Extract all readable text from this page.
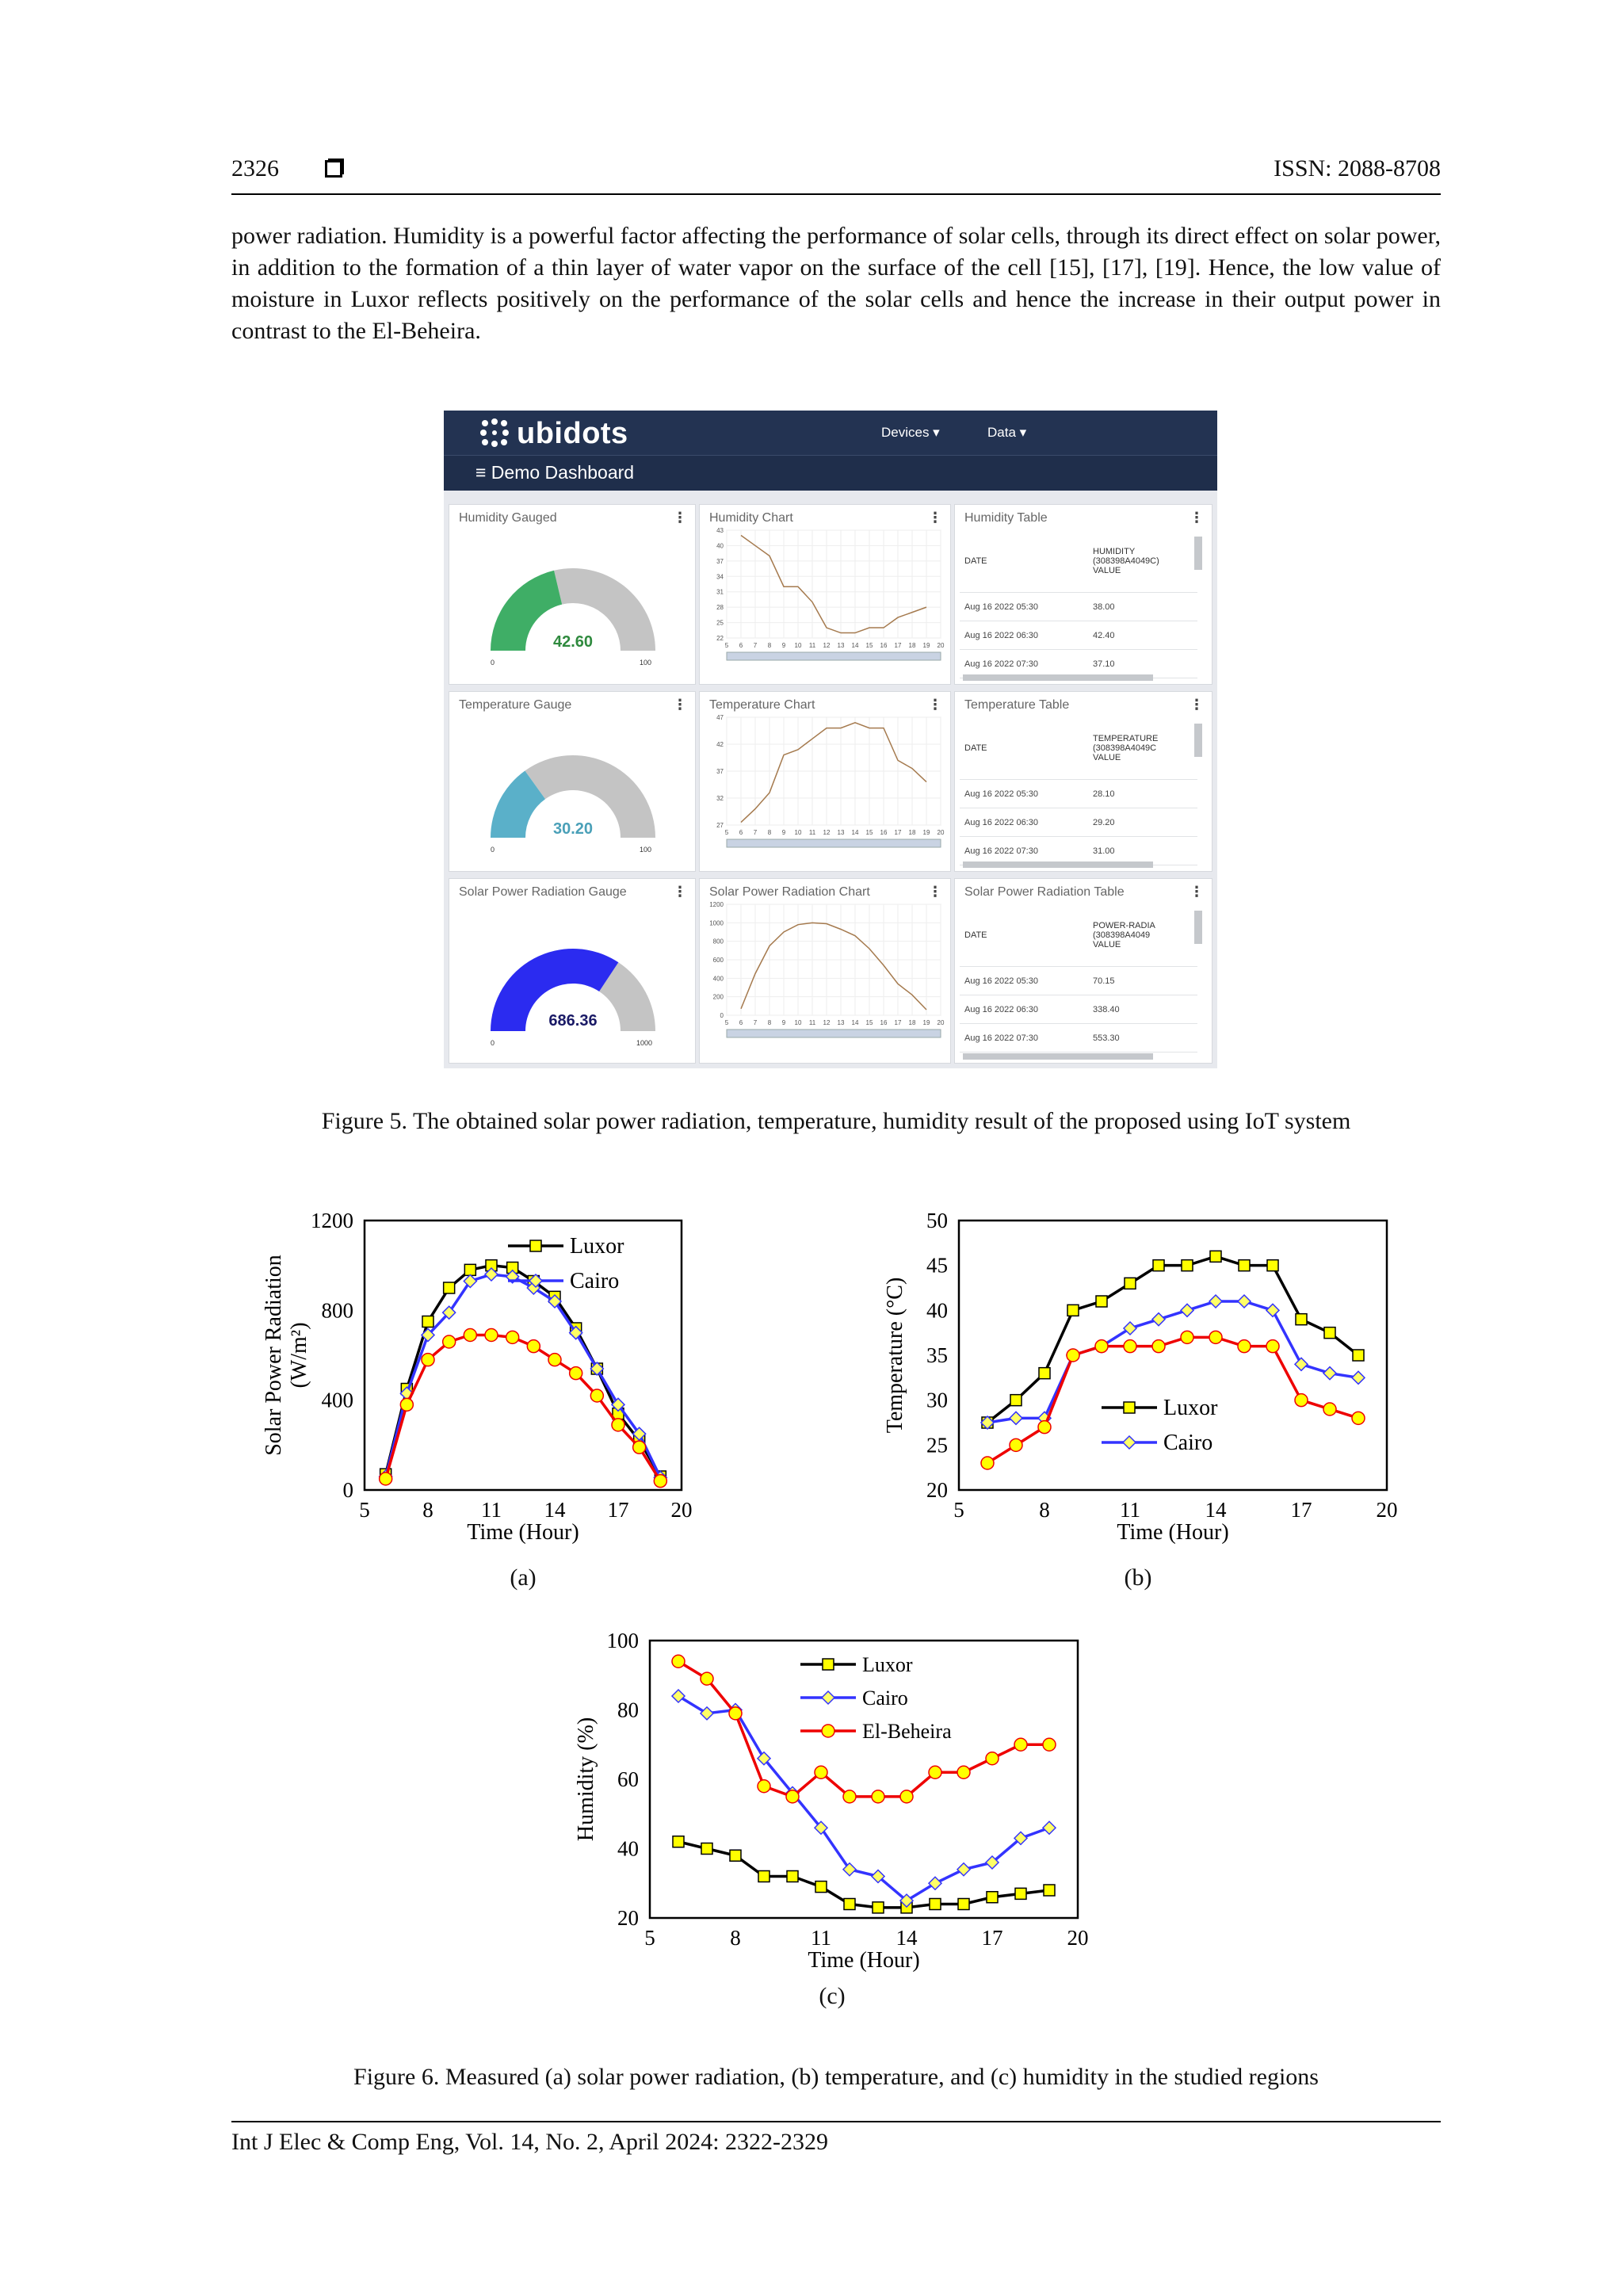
2326	ISSN: 2088-8708

power radiation. Humidity is a powerful factor affecting the performance of solar cells, through its direct effect on solar power, in addition to the formation of a thin layer of water vapor on the surface of the cell [15], [17], [19]. Hence, the low value of moisture in Luxor reflects positively on the performance of the solar cells and hence the increase in their output power in contrast to the El-Beheira.

ubidots	Devices ▾	Data ▾
≡ Demo Dashboard
Humidity Gauged	⋮
42.60
0	100
Humidity Chart	⋮
5 6 7 8 9 10 11 12 13 14 15 16 17 18 19 20
43
40
37
34
31
28
25
22
Humidity Table	⋮
DATE	HUMIDITY
(308398A4049C)
VALUE

Aug 16 2022 05:30	38.00
Aug 16 2022 06:30	42.40
Aug 16 2022 07:30	37.10
Temperature Gauge	⋮
30.20
0	100
Temperature Chart	⋮
5 6 7 8 9 10 11 12 13 14 15 16 17 18 19 20
47
42
37
32
27
Temperature Table	⋮
DATE	TEMPERATURE
(308398A4049C
VALUE

Aug 16 2022 05:30	28.10
Aug 16 2022 06:30	29.20
Aug 16 2022 07:30	31.00
Solar Power Radiation Gauge	⋮
686.36
0	1000
Solar Power Radiation Chart	⋮
5 6 7 8 9 10 11 12 13 14 15 16 17 18 19 20
1200
1000
800
600
400
200
0
Solar Power Radiation Table	⋮
DATE	POWER-RADIA
(308398A4049
VALUE

Aug 16 2022 05:30	70.15
Aug 16 2022 06:30	338.40
Aug 16 2022 07:30	553.30
Figure 5. The obtained solar power radiation, temperature, humidity result of the proposed using IoT system
5 8 11 14 17 20
0
400
800
1200
Time (Hour)
Solar Power Radiation (W/m²)
Luxor
Cairo
(a)
5	8	11	14	17	20
20
25
30
35
40
45
50
Time (Hour)
Temperature (°C)	Luxor
Cairo
(b)
5	8	11	14	17	20
20
40
60
80
100
Time (Hour)
Humidity (%)
Luxor
Cairo
El-Beheira
(c)
Figure 6. Measured (a) solar power radiation, (b) temperature, and (c) humidity in the studied regions
Int J Elec & Comp Eng, Vol. 14, No. 2, April 2024: 2322-2329
